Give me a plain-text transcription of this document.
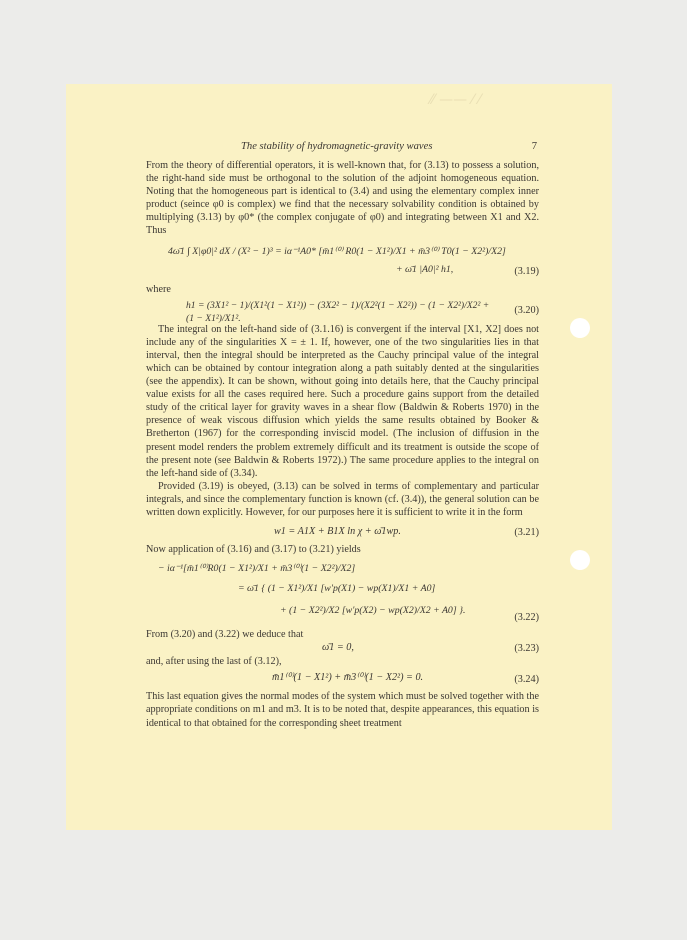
⁄⁄ —— ⁄ ⁄
The stability of hydromagnetic-gravity waves	7

From the theory of differential operators, it is well-known that, for (3.13) to possess a solution, the right-hand side must be orthogonal to the solution of the adjoint homogeneous equation. Noting that the homogeneous part is identical to (3.4) and using the elementary complex inner product (seince φ0 is complex) we find that the necessary solvability condition is obtained by multiplying (3.13) by φ0* (the complex conjugate of φ0) and integrating between X1 and X2. Thus

4ω̄1 ∫ X|φ0|² dX / (X² − 1)³ = iα⁻¹A0* [m̄1⁽⁰⁾ R0(1 − X1²)/X1 + m̄3⁽⁰⁾ T0(1 − X2²)/X2]
+ ω̄1 |A0|² h1,	(3.19)

where

h1 = (3X1² − 1)/(X1²(1 − X1²)) − (3X2² − 1)/(X2²(1 − X2²)) − (1 − X2²)/X2² + (1 − X1²)/X1².
(3.20)

The integral on the left-hand side of (3.1.16) is convergent if the interval [X1, X2] does not include any of the singularities X = ± 1. If, however, one of the two singularities lies in that interval, then the integral should be interpreted as the Cauchy principal value of the integral which can be obtained by contour integration along a path suitably dented at the singularities (see the appendix). It can be shown, without going into details here, that the Cauchy principal value exists for all the cases required here. Such a procedure gains support from the detailed study of the critical layer for gravity waves in a shear flow (Baldwin & Roberts 1970) in the presence of weak viscous diffusion which yields the same results obtained by Booker & Bretherton (1967) for the corresponding inviscid model. (The inclusion of diffusion in the present model renders the problem extremely difficult and its treatment is outside the scope of the present note (see Baldwin & Roberts 1972).) The same procedure applies to the integral on the left-hand side of (3.34).

Provided (3.19) is obeyed, (3.13) can be solved in terms of complementary and particular integrals, and since the complementary function is known (cf. (3.4)), the general solution can be written down explicitly. However, for our purposes here it is sufficient to write it in the form

w1 = A1X + B1X ln χ + ω̄1wp.	(3.21)

Now application of (3.16) and (3.17) to (3.21) yields

− iα⁻¹[m̄1⁽⁰⁾R0(1 − X1²)/X1 + m̄3⁽⁰⁾(1 − X2²)/X2]
= ω̄1 { (1 − X1²)/X1 [w′p(X1) − wp(X1)/X1 + A0]
+ (1 − X2²)/X2 [w′p(X2) − wp(X2)/X2 + A0] }.
(3.22)

From (3.20) and (3.22) we deduce that

ω̄1 = 0,	(3.23)

and, after using the last of (3.12),

m̄1⁽⁰⁾(1 − X1²) + m̄3⁽⁰⁾(1 − X2²) = 0.	(3.24)

This last equation gives the normal modes of the system which must be solved together with the appropriate conditions on m1 and m3. It is to be noted that, despite appearances, this equation is identical to that obtained for the corresponding sheet treatment
